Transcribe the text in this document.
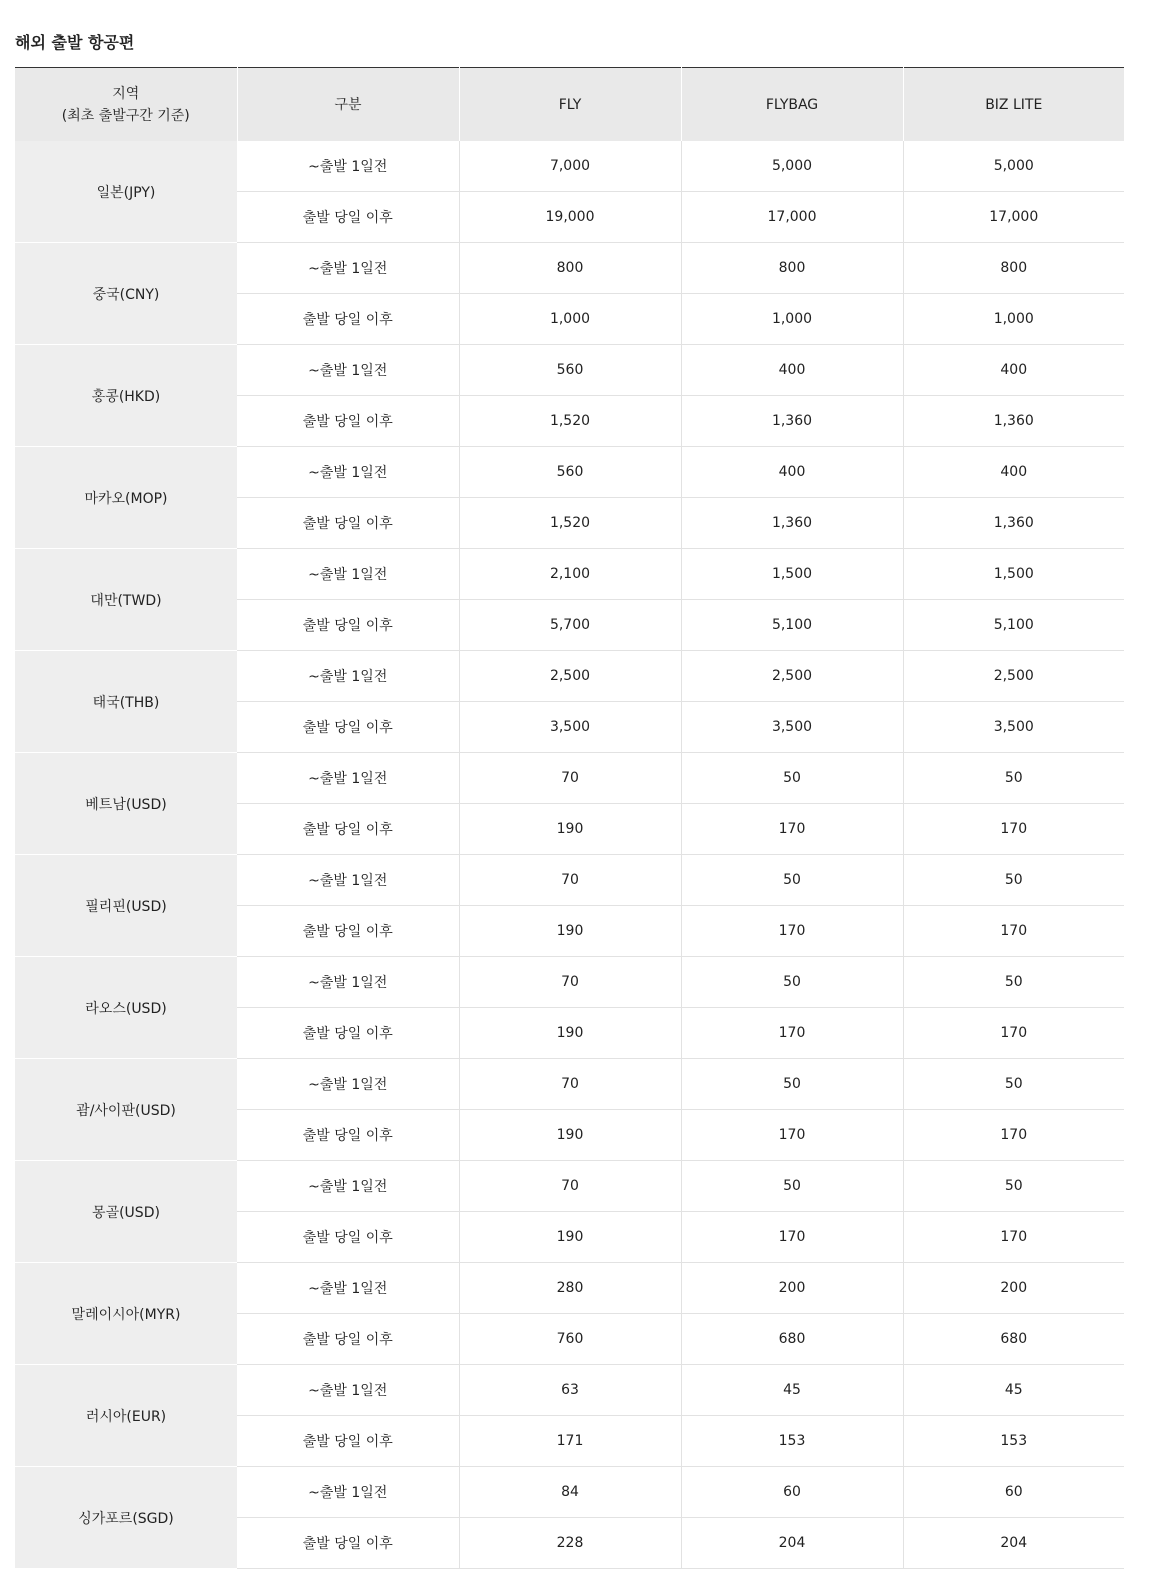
해외 출발 항공편
지역
(최초 출발구간 기준)	구분	FLY	FLYBAG	BIZ LITE
일본(JPY)	~출발 1일전	7,000	5,000	5,000
	출발 당일 이후	19,000	17,000	17,000
중국(CNY)	~출발 1일전	800	800	800
	출발 당일 이후	1,000	1,000	1,000
홍콩(HKD)	~출발 1일전	560	400	400
	출발 당일 이후	1,520	1,360	1,360
마카오(MOP)	~출발 1일전	560	400	400
	출발 당일 이후	1,520	1,360	1,360
대만(TWD)	~출발 1일전	2,100	1,500	1,500
	출발 당일 이후	5,700	5,100	5,100
태국(THB)	~출발 1일전	2,500	2,500	2,500
	출발 당일 이후	3,500	3,500	3,500
베트남(USD)	~출발 1일전	70	50	50
	출발 당일 이후	190	170	170
필리핀(USD)	~출발 1일전	70	50	50
	출발 당일 이후	190	170	170
라오스(USD)	~출발 1일전	70	50	50
	출발 당일 이후	190	170	170
괌/사이판(USD)	~출발 1일전	70	50	50
	출발 당일 이후	190	170	170
몽골(USD)	~출발 1일전	70	50	50
	출발 당일 이후	190	170	170
말레이시아(MYR)	~출발 1일전	280	200	200
	출발 당일 이후	760	680	680
러시아(EUR)	~출발 1일전	63	45	45
	출발 당일 이후	171	153	153
싱가포르(SGD)	~출발 1일전	84	60	60
	출발 당일 이후	228	204	204
